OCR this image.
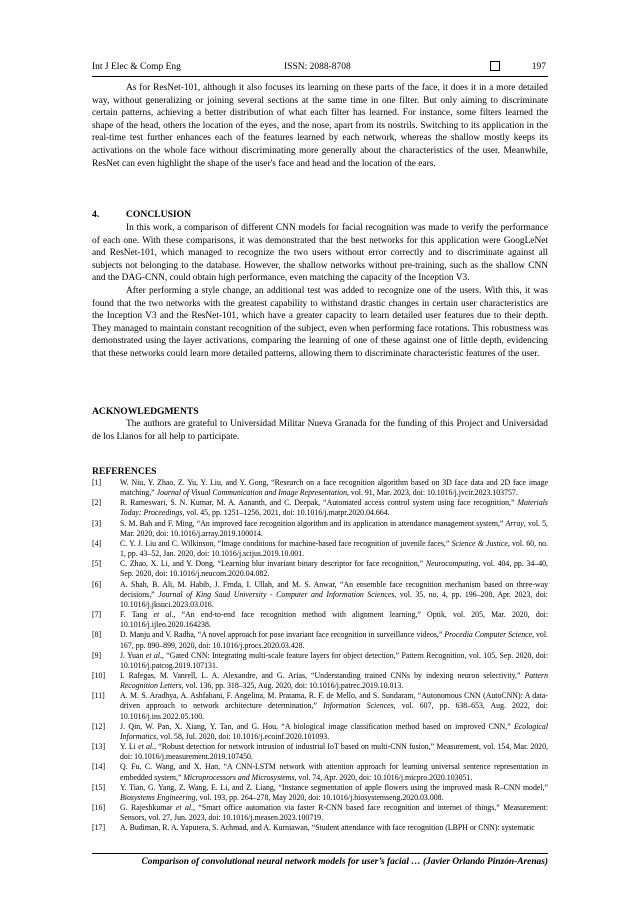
Int J Elec & Comp Eng	ISSN: 2088-8708	197

As for ResNet-101, although it also focuses its learning on these parts of the face, it does it in a more detailed way, without generalizing or joining several sections at the same time in one filter. But only aiming to discriminate certain patterns, achieving a better distribution of what each filter has learned. For instance, some filters learned the shape of the head, others the location of the eyes, and the nose, apart from its nostrils. Switching to its application in the real-time test further enhances each of the features learned by each network, whereas the shallow mostly keeps its activations on the whole face without discriminating more generally about the characteristics of the user. Meanwhile, ResNet can even highlight the shape of the user's face and head and the location of the ears.

4.	CONCLUSION

In this work, a comparison of different CNN models for facial recognition was made to verify the performance of each one. With these comparisons, it was demonstrated that the best networks for this application were GoogLeNet and ResNet-101, which managed to recognize the two users without error correctly and to discriminate against all subjects not belonging to the database. However, the shallow networks without pre-training, such as the shallow CNN and the DAG-CNN, could obtain high performance, even matching the capacity of the Inception V3.

After performing a style change, an additional test was added to recognize one of the users. With this, it was found that the two networks with the greatest capability to withstand drastic changes in certain user characteristics are the Inception V3 and the ResNet-101, which have a greater capacity to learn detailed user features due to their depth. They managed to maintain constant recognition of the subject, even when performing face rotations. This robustness was demonstrated using the layer activations, comparing the learning of one of these against one of little depth, evidencing that these networks could learn more detailed patterns, allowing them to discriminate characteristic features of the user.

ACKNOWLEDGMENTS

The authors are grateful to Universidad Militar Nueva Granada for the funding of this Project and Universidad de los Llanos for all help to participate.

REFERENCES
[1] W. Niu, Y. Zhao, Z. Yu, Y. Liu, and Y. Gong, “Research on a face recognition algorithm based on 3D face data and 2D face image matching,” Journal of Visual Communication and Image Representation, vol. 91, Mar. 2023, doi: 10.1016/j.jvcir.2023.103757.
[2] R. Rameswari, S. N. Kumar, M. A. Aananth, and C. Deepak, “Automated access control system using face recognition,” Materials Today: Proceedings, vol. 45, pp. 1251–1256, 2021, doi: 10.1016/j.matpr.2020.04.664.
[3] S. M. Bah and F. Ming, “An improved face recognition algorithm and its application in attendance management system,” Array, vol. 5, Mar. 2020, doi: 10.1016/j.array.2019.100014.
[4] C. Y. J. Liu and C. Wilkinson, “Image conditions for machine-based face recognition of juvenile faces,” Science & Justice, vol. 60, no. 1, pp. 43–52, Jan. 2020, doi: 10.1016/j.scijus.2019.10.001.
[5] C. Zhao, X. Li, and Y. Dong, “Learning blur invariant binary descriptor for face recognition,” Neurocomputing, vol. 404, pp. 34–40, Sep. 2020, doi: 10.1016/j.neucom.2020.04.082.
[6] A. Shah, B. Ali, M. Habib, J. Frnda, I. Ullah, and M. S. Anwar, “An ensemble face recognition mechanism based on three-way decisions,” Journal of King Saud University - Computer and Information Sciences, vol. 35, no. 4, pp. 196–208, Apr. 2023, doi: 10.1016/j.jksuci.2023.03.016.
[7] F. Tang et al., “An end-to-end face recognition method with alignment learning,” Optik, vol. 205, Mar. 2020, doi: 10.1016/j.ijleo.2020.164238.
[8] D. Manju and V. Radha, “A novel approach for pose invariant face recognition in surveillance videos,” Procedia Computer Science, vol. 167, pp. 890–899, 2020, doi: 10.1016/j.procs.2020.03.428.
[9] J. Yuan et al., “Gated CNN: Integrating multi-scale feature layers for object detection,” Pattern Recognition, vol. 105, Sep. 2020, doi: 10.1016/j.patcog.2019.107131.
[10] I. Rafegas, M. Vanrell, L. A. Alexandre, and G. Arias, “Understanding trained CNNs by indexing neuron selectivity,” Pattern Recognition Letters, vol. 136, pp. 318–325, Aug. 2020, doi: 10.1016/j.patrec.2019.10.013.
[11] A. M. S. Aradhya, A. Ashfahani, F. Angelina, M. Pratama, R. F. de Mello, and S. Sundaram, “Autonomous CNN (AutoCNN): A data-driven approach to network architecture determination,” Information Sciences, vol. 607, pp. 638–653, Aug. 2022, doi: 10.1016/j.ins.2022.05.100.
[12] J. Qin, W. Pan, X. Xiang, Y. Tan, and G. Hou, “A biological image classification method based on improved CNN,” Ecological Informatics, vol. 58, Jul. 2020, doi: 10.1016/j.ecoinf.2020.101093.
[13] Y. Li et al., “Robust detection for network intrusion of industrial IoT based on multi-CNN fusion,” Measurement, vol. 154, Mar. 2020, doi: 10.1016/j.measurement.2019.107450.
[14] Q. Fu, C. Wang, and X. Han, “A CNN-LSTM network with attention approach for learning universal sentence representation in embedded system,” Microprocessors and Microsystems, vol. 74, Apr. 2020, doi: 10.1016/j.micpro.2020.103051.
[15] Y. Tian, G. Yang, Z. Wang, E. Li, and Z. Liang, “Instance segmentation of apple flowers using the improved mask R–CNN model,” Biosystems Engineering, vol. 193, pp. 264–278, May 2020, doi: 10.1016/j.biosystemseng.2020.03.008.
[16] G. Rajeshkumar et al., “Smart office automation via faster R-CNN based face recognition and internet of things,” Measurement: Sensors, vol. 27, Jun. 2023, doi: 10.1016/j.measen.2023.100719.
[17] A. Budiman, R. A. Yaputera, S. Achmad, and A. Kurniawan, “Student attendance with face recognition (LBPH or CNN): systematic
Comparison of convolutional neural network models for user’s facial … (Javier Orlando Pinzón-Arenas)
